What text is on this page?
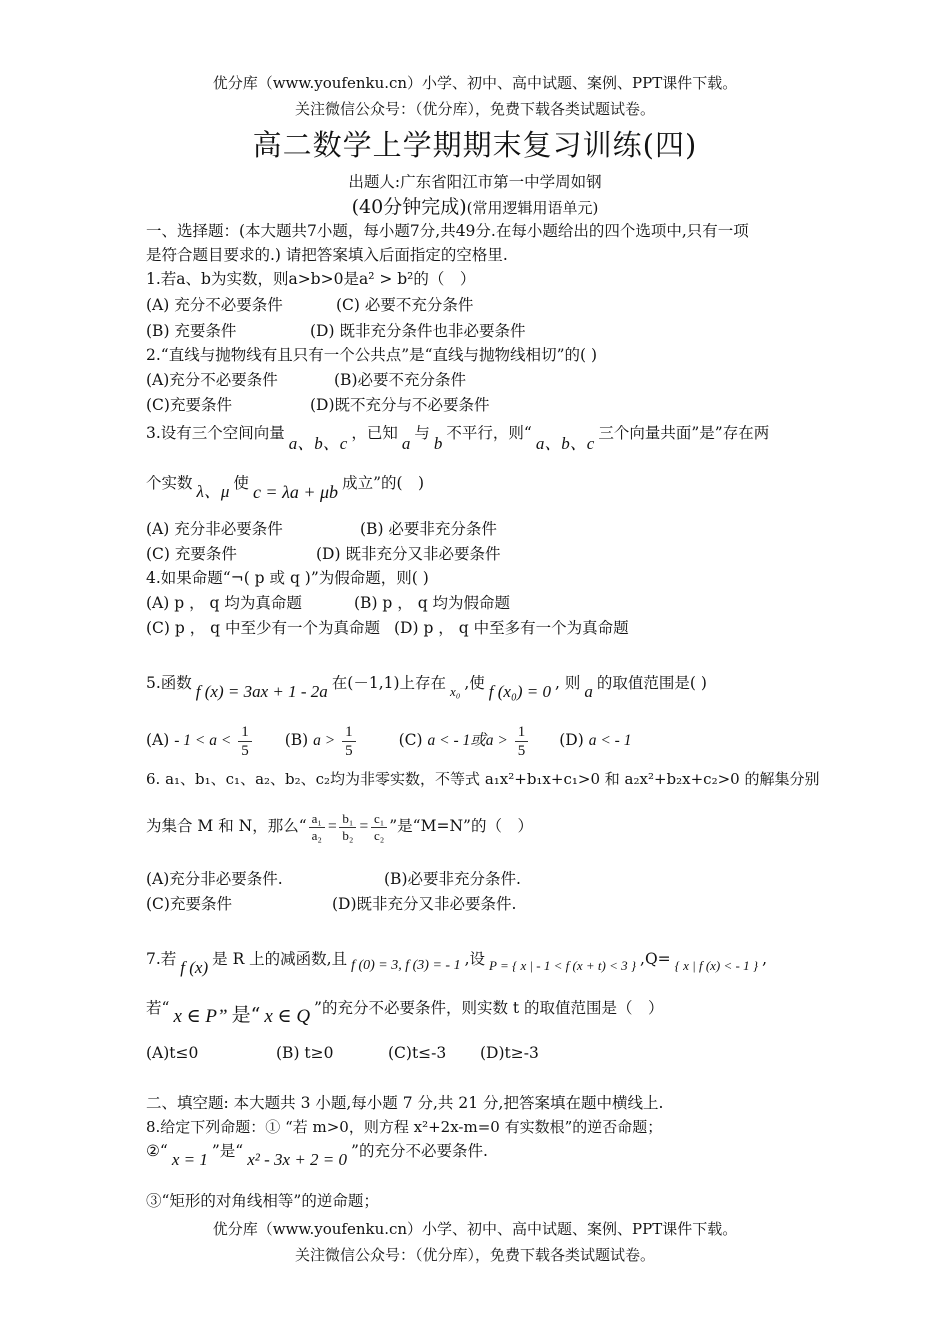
优分库（www.youfenku.cn）小学、初中、高中试题、案例、PPT课件下载。
关注微信公众号：（优分库），免费下载各类试题试卷。
高二数学上学期期末复习训练(四)
出题人:广东省阳江市第一中学周如钢
(40分钟完成)(常用逻辑用语单元)
一、选择题：(本大题共7小题，每小题7分,共49分.在每小题给出的四个选项中,只有一项
是符合题目要求的.) 请把答案填入后面指定的空格里.
1.若a、b为实数，则a>b>0是a² > b²的（　）
(A) 充分不必要条件	(C) 必要不充分条件
(B) 充要条件	(D) 既非充分条件也非必要条件
2.“直线与抛物线有且只有一个公共点”是“直线与抛物线相切”的( )
(A)充分不必要条件	(B)必要不充分条件
(C)充要条件	(D)既不充分与不必要条件
3.设有三个空间向量a、b、c，已知a与b不平行，则“a、b、c三个向量共面”是”存在两
个实数 λ、μ 使 c = λa + μb 成立”的(　)
(A) 充分非必要条件	(B) 必要非充分条件
(C) 充要条件	(D) 既非充分又非必要条件
4.如果命题“¬( p 或 q )”为假命题，则( )
(A) p ， q 均为真命题	(B) p ， q 均为假命题
(C) p ， q 中至少有一个为真命题 (D) p ， q 中至多有一个为真命题
5.函数 f (x) = 3ax + 1 - 2a 在(－1,1)上存在 x₀ ,使 f (x₀) = 0 , 则 a 的取值范围是( )
$(A) - 1 < a < \frac{1}{5} (B) a > \frac{1}{5}$	(C) a < - 1或$a > \frac{1}{5} (D) a$ < - 1
6. a₁、b₁、c₁、a₂、b₂、c₂均为非零实数，不等式 a₁x²+b₁x+c₁>0 和 a₂x²+b₂x+c₂>0 的解集分别
为集合 M 和 N，那么“ $\frac{\text{a₁}}{\text{a₂}} = \frac{\text{b₁}}{\text{b₂}} = \frac{\text{c₁}}{\text{c₂}}$ ”是“M=N”的（　）
(A)充分非必要条件.	(B)必要非充分条件.
(C)充要条件	(D)既非充分又非必要条件.
7.若 f (x) 是 R 上的减函数,且 f (0) = 3, f (3) = - 1 ,设 P = { x | - 1 < f (x + t) < 3 } ,Q= { x | f (x) < - 1 } ,
若“ x ∈ P” 是“ x ∈ Q ”的充分不必要条件，则实数 t 的取值范围是（　）
(A)t≤0	(B) t≥0	(C)t≤-3 (D)t≥-3
二、填空题: 本大题共 3 小题,每小题 7 分,共 21 分,把答案填在题中横线上.
8.给定下列命题：① “若 m>0，则方程 x²+2x-m=0 有实数根”的逆否命题；
②“ x = 1 ”是“ x² - 3x + 2 = 0 ”的充分不必要条件.
③“矩形的对角线相等”的逆命题；
优分库（www.youfenku.cn）小学、初中、高中试题、案例、PPT课件下载。
关注微信公众号：（优分库），免费下载各类试题试卷。
